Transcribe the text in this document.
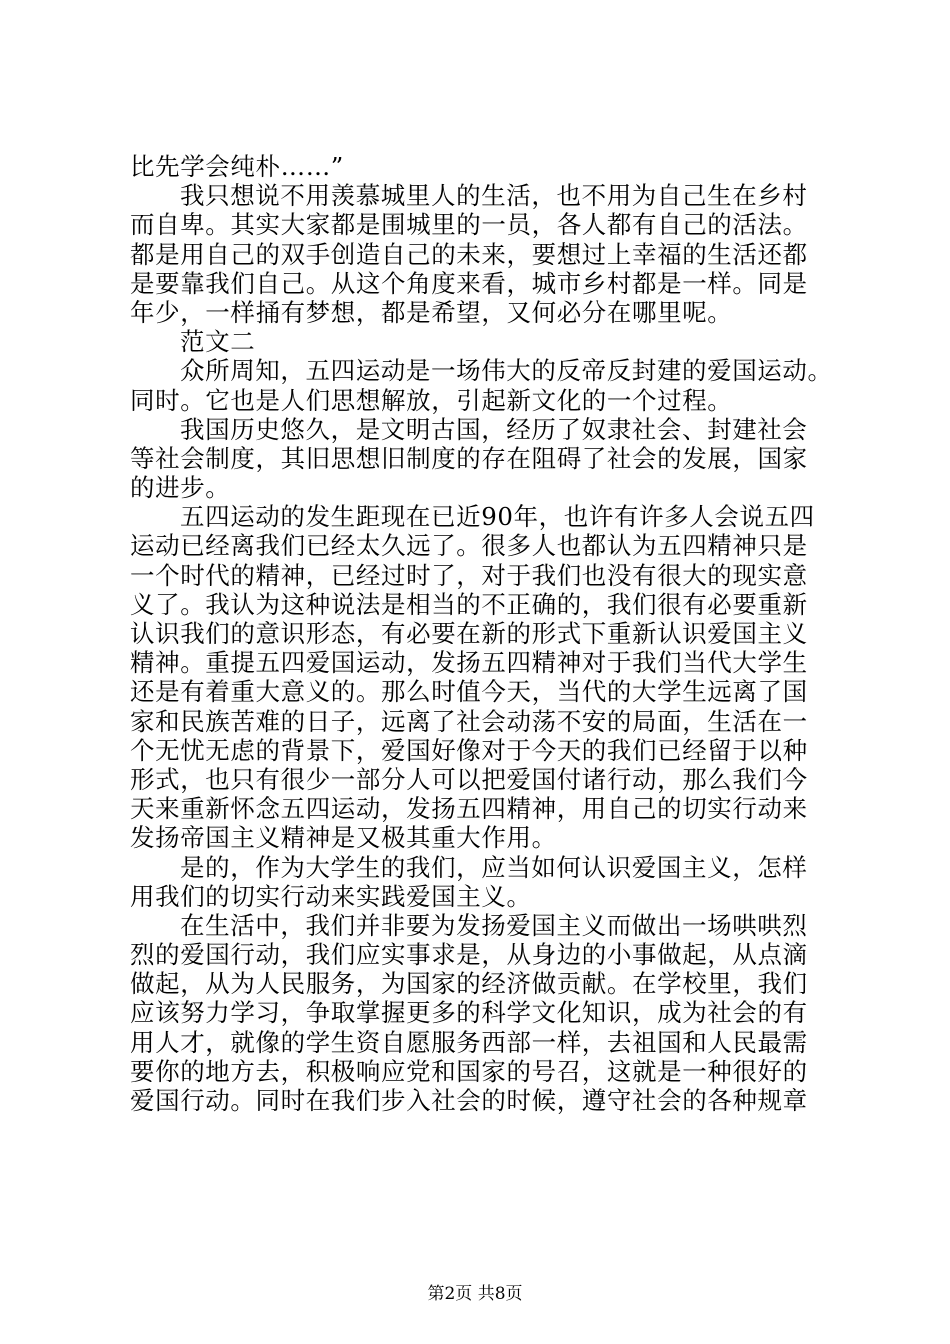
比先学会纯朴……”
我只想说不用羡慕城里人的生活，也不用为自己生在乡村
而自卑。其实大家都是围城里的一员，各人都有自己的活法。
都是用自己的双手创造自己的未来，要想过上幸福的生活还都
是要靠我们自己。从这个角度来看，城市乡村都是一样。同是
年少，一样捅有梦想，都是希望，又何必分在哪里呢。
范文二
众所周知，五四运动是一场伟大的反帝反封建的爱国运动。
同时。它也是人们思想解放，引起新文化的一个过程。
我国历史悠久，是文明古国，经历了奴隶社会、封建社会
等社会制度，其旧思想旧制度的存在阻碍了社会的发展，国家
的进步。
五四运动的发生距现在已近90年，也许有许多人会说五四
运动已经离我们已经太久远了。很多人也都认为五四精神只是
一个时代的精神，已经过时了，对于我们也没有很大的现实意
义了。我认为这种说法是相当的不正确的，我们很有必要重新
认识我们的意识形态，有必要在新的形式下重新认识爱国主义
精神。重提五四爱国运动，发扬五四精神对于我们当代大学生
还是有着重大意义的。那么时值今天，当代的大学生远离了国
家和民族苦难的日子，远离了社会动荡不安的局面，生活在一
个无忧无虑的背景下，爱国好像对于今天的我们已经留于以种
形式，也只有很少一部分人可以把爱国付诸行动，那么我们今
天来重新怀念五四运动，发扬五四精神，用自己的切实行动来
发扬帝国主义精神是又极其重大作用。
是的，作为大学生的我们，应当如何认识爱国主义，怎样
用我们的切实行动来实践爱国主义。
在生活中，我们并非要为发扬爱国主义而做出一场哄哄烈
烈的爱国行动，我们应实事求是，从身边的小事做起，从点滴
做起，从为人民服务，为国家的经济做贡献。在学校里，我们
应该努力学习，争取掌握更多的科学文化知识，成为社会的有
用人才，就像的学生资自愿服务西部一样，去祖国和人民最需
要你的地方去，积极响应党和国家的号召，这就是一种很好的
爱国行动。同时在我们步入社会的时候，遵守社会的各种规章
第2页 共8页
